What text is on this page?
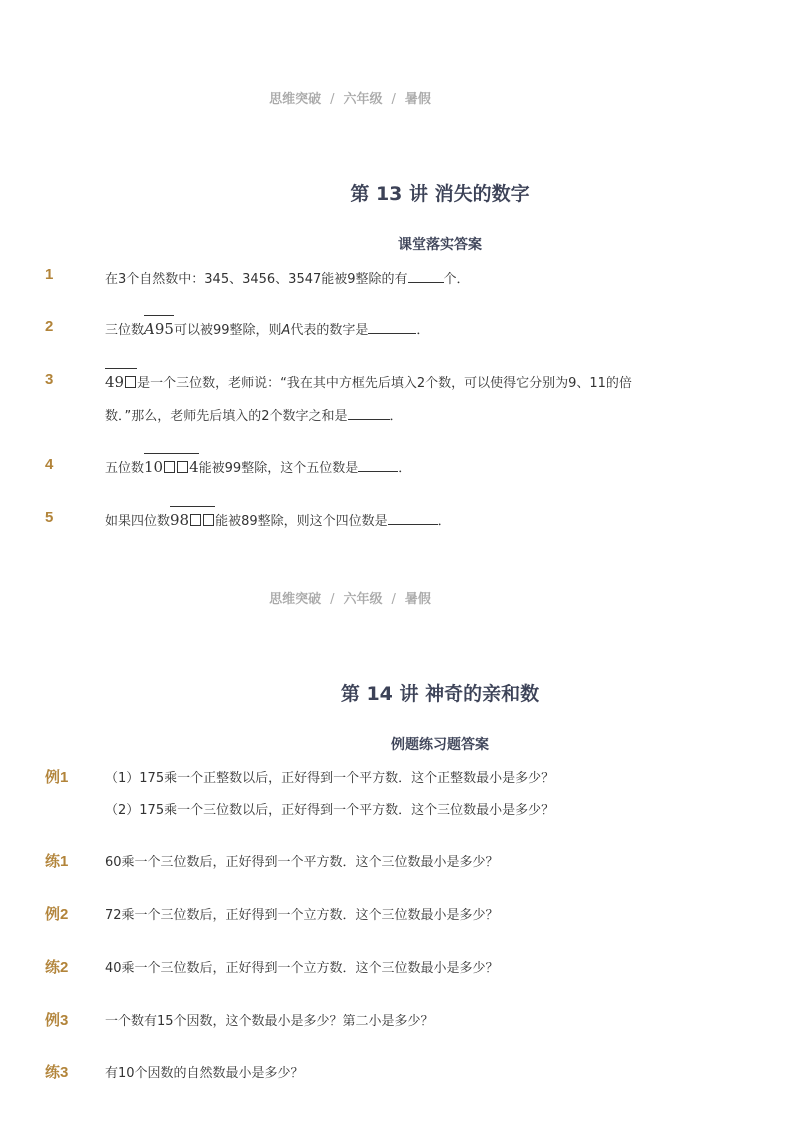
思维突破 / 六年级 / 暑假
第 13 讲 消失的数字
课堂落实答案
1	在3个自然数中：345、3456、3547能被9整除的有	个．
2	三位数A95可以被99整除，则A代表的数字是	．
3	49 是一个三位数，老师说：“我在其中方框先后填入2个数，可以使得它分别为9、11的倍
数．”那么，老师先后填入的2个数字之和是	．
4	五位数10 4能被99整除，这个五位数是	．
5	如果四位数98 能被89整除，则这个四位数是	．
思维突破 / 六年级 / 暑假
第 14 讲 神奇的亲和数
例题练习题答案
例1	（1）175乘一个正整数以后，正好得到一个平方数．这个正整数最小是多少？
（2）175乘一个三位数以后，正好得到一个平方数．这个三位数最小是多少？
练1	60乘一个三位数后，正好得到一个平方数．这个三位数最小是多少？
例2	72乘一个三位数后，正好得到一个立方数．这个三位数最小是多少？
练2	40乘一个三位数后，正好得到一个立方数．这个三位数最小是多少？
例3	一个数有15个因数，这个数最小是多少？第二小是多少？
练3	有10个因数的自然数最小是多少？
